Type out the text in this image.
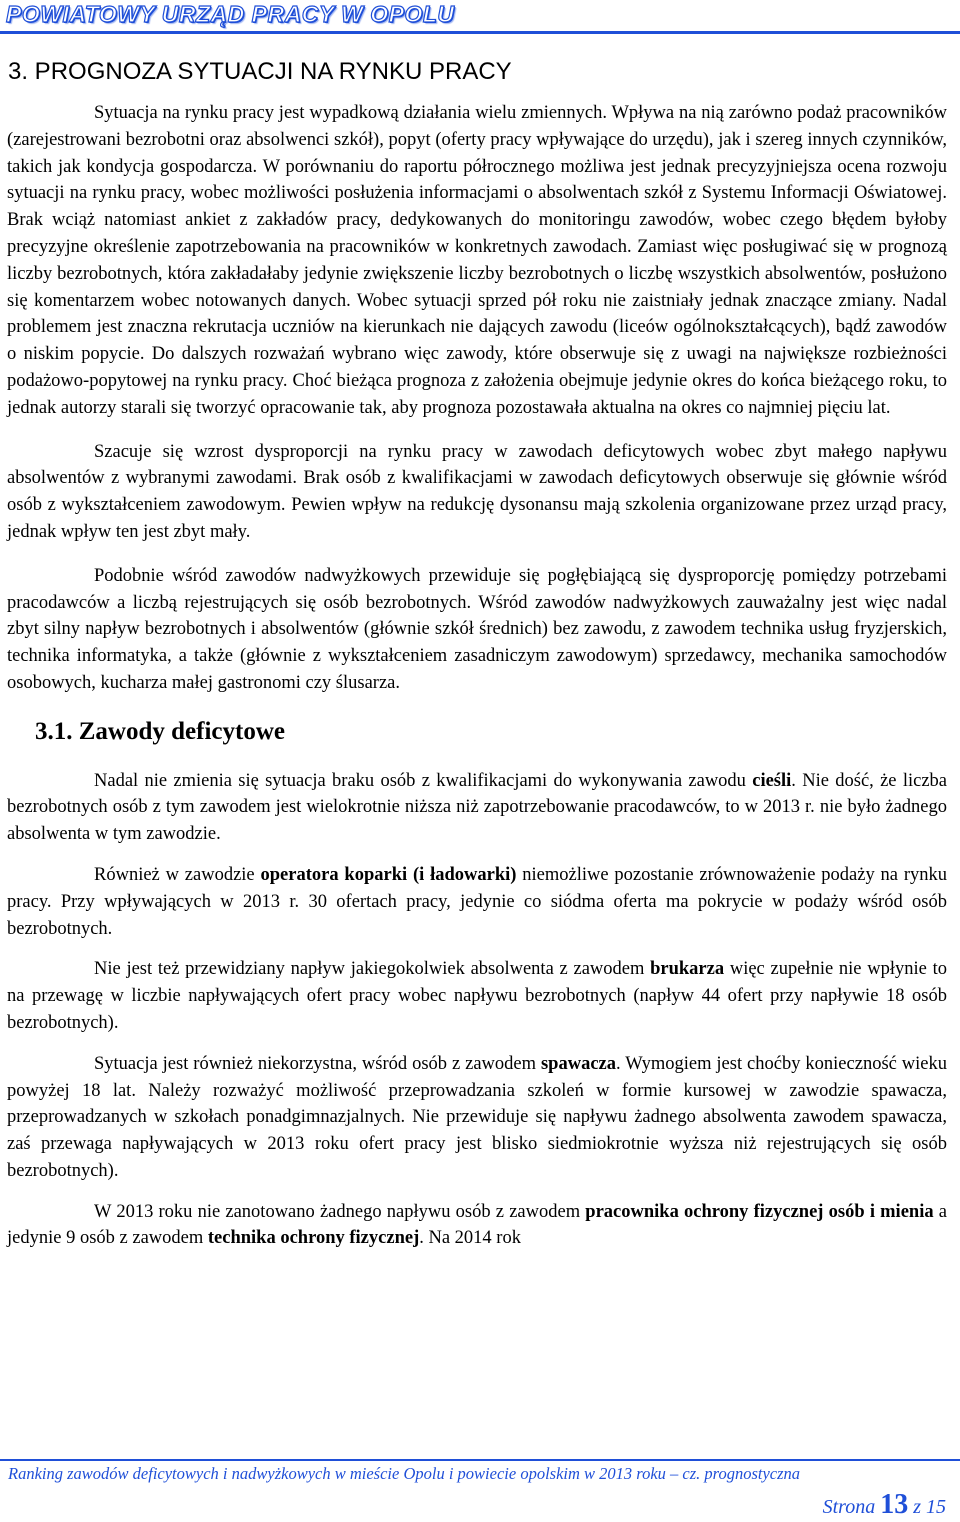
POWIATOWY URZĄD PRACY W OPOLU
3. PROGNOZA SYTUACJI NA RYNKU PRACY

Sytuacja na rynku pracy jest wypadkową działania wielu zmiennych. Wpływa na nią zarówno podaż pracowników (zarejestrowani bezrobotni oraz absolwenci szkół), popyt (oferty pracy wpływające do urzędu), jak i szereg innych czynników, takich jak kondycja gospodarcza. W porównaniu do raportu półrocznego możliwa jest jednak precyzyjniejsza ocena rozwoju sytuacji na rynku pracy, wobec możliwości posłużenia informacjami o absolwentach szkół z Systemu Informacji Oświatowej. Brak wciąż natomiast ankiet z zakładów pracy, dedykowanych do monitoringu zawodów, wobec czego błędem byłoby precyzyjne określenie zapotrzebowania na pracowników w konkretnych zawodach. Zamiast więc posługiwać się w prognozą liczby bezrobotnych, która zakładałaby jedynie zwiększenie liczby bezrobotnych o liczbę wszystkich absolwentów, posłużono się komentarzem wobec notowanych danych. Wobec sytuacji sprzed pół roku nie zaistniały jednak znaczące zmiany. Nadal problemem jest znaczna rekrutacja uczniów na kierunkach nie dających zawodu (liceów ogólnokształcących), bądź zawodów o niskim popycie. Do dalszych rozważań wybrano więc zawody, które obserwuje się z uwagi na największe rozbieżności podażowo-popytowej na rynku pracy. Choć bieżąca prognoza z założenia obejmuje jedynie okres do końca bieżącego roku, to jednak autorzy starali się tworzyć opracowanie tak, aby prognoza pozostawała aktualna na okres co najmniej pięciu lat.

Szacuje się wzrost dysproporcji na rynku pracy w zawodach deficytowych wobec zbyt małego napływu absolwentów z wybranymi zawodami. Brak osób z kwalifikacjami w zawodach deficytowych obserwuje się głównie wśród osób z wykształceniem zawodowym. Pewien wpływ na redukcję dysonansu mają szkolenia organizowane przez urząd pracy, jednak wpływ ten jest zbyt mały.

Podobnie wśród zawodów nadwyżkowych przewiduje się pogłębiającą się dysproporcję pomiędzy potrzebami pracodawców a liczbą rejestrujących się osób bezrobotnych. Wśród zawodów nadwyżkowych zauważalny jest więc nadal zbyt silny napływ bezrobotnych i absolwentów (głównie szkół średnich) bez zawodu, z zawodem technika usług fryzjerskich, technika informatyka, a także (głównie z wykształceniem zasadniczym zawodowym) sprzedawcy, mechanika samochodów osobowych, kucharza małej gastronomi czy ślusarza.

3.1. Zawody deficytowe

Nadal nie zmienia się sytuacja braku osób z kwalifikacjami do wykonywania zawodu cieśli. Nie dość, że liczba bezrobotnych osób z tym zawodem jest wielokrotnie niższa niż zapotrzebowanie pracodawców, to w 2013 r. nie było żadnego absolwenta w tym zawodzie.

Również w zawodzie operatora koparki (i ładowarki) niemożliwe pozostanie zrównoważenie podaży na rynku pracy. Przy wpływających w 2013 r. 30 ofertach pracy, jedynie co siódma oferta ma pokrycie w podaży wśród osób bezrobotnych.

Nie jest też przewidziany napływ jakiegokolwiek absolwenta z zawodem brukarza więc zupełnie nie wpłynie to na przewagę w liczbie napływających ofert pracy wobec napływu bezrobotnych (napływ 44 ofert przy napływie 18 osób bezrobotnych).

Sytuacja jest również niekorzystna, wśród osób z zawodem spawacza. Wymogiem jest choćby konieczność wieku powyżej 18 lat. Należy rozważyć możliwość przeprowadzania szkoleń w formie kursowej w zawodzie spawacza, przeprowadzanych w szkołach ponadgimnazjalnych. Nie przewiduje się napływu żadnego absolwenta zawodem spawacza, zaś przewaga napływających w 2013 roku ofert pracy jest blisko siedmiokrotnie wyższa niż rejestrujących się osób bezrobotnych).

W 2013 roku nie zanotowano żadnego napływu osób z zawodem pracownika ochrony fizycznej osób i mienia a jedynie 9 osób z zawodem technika ochrony fizycznej. Na 2014 rok

Ranking zawodów deficytowych i nadwyżkowych w mieście Opolu i powiecie opolskim w 2013 roku – cz. prognostyczna
Strona 13 z 15
